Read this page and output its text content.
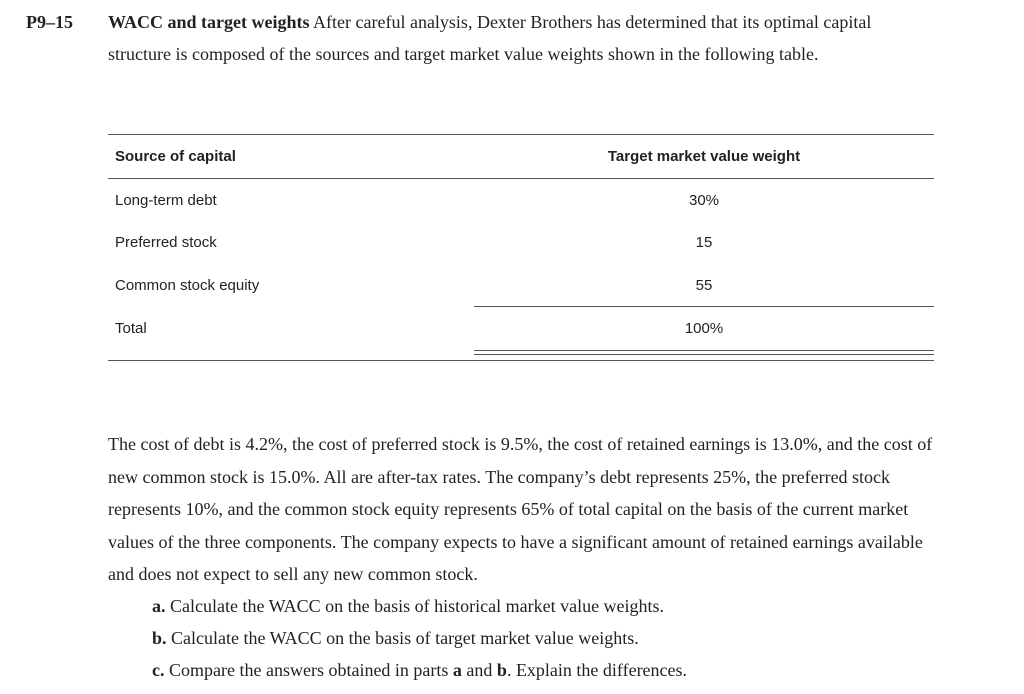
P9–15 WACC and target weights After careful analysis, Dexter Brothers has determined that its optimal capital structure is composed of the sources and target market value weights shown in the following table.
Source of capital	Target market value weight
Long-term debt	30%
Preferred stock	15
Common stock equity	55
Total	100%
The cost of debt is 4.2%, the cost of preferred stock is 9.5%, the cost of retained earnings is 13.0%, and the cost of new common stock is 15.0%. All are after-tax rates. The company’s debt represents 25%, the preferred stock represents 10%, and the common stock equity represents 65% of total capital on the basis of the current market values of the three components. The company expects to have a significant amount of retained earnings available and does not expect to sell any new common stock.
a. Calculate the WACC on the basis of historical market value weights.
b. Calculate the WACC on the basis of target market value weights.
c. Compare the answers obtained in parts a and b. Explain the differences.
